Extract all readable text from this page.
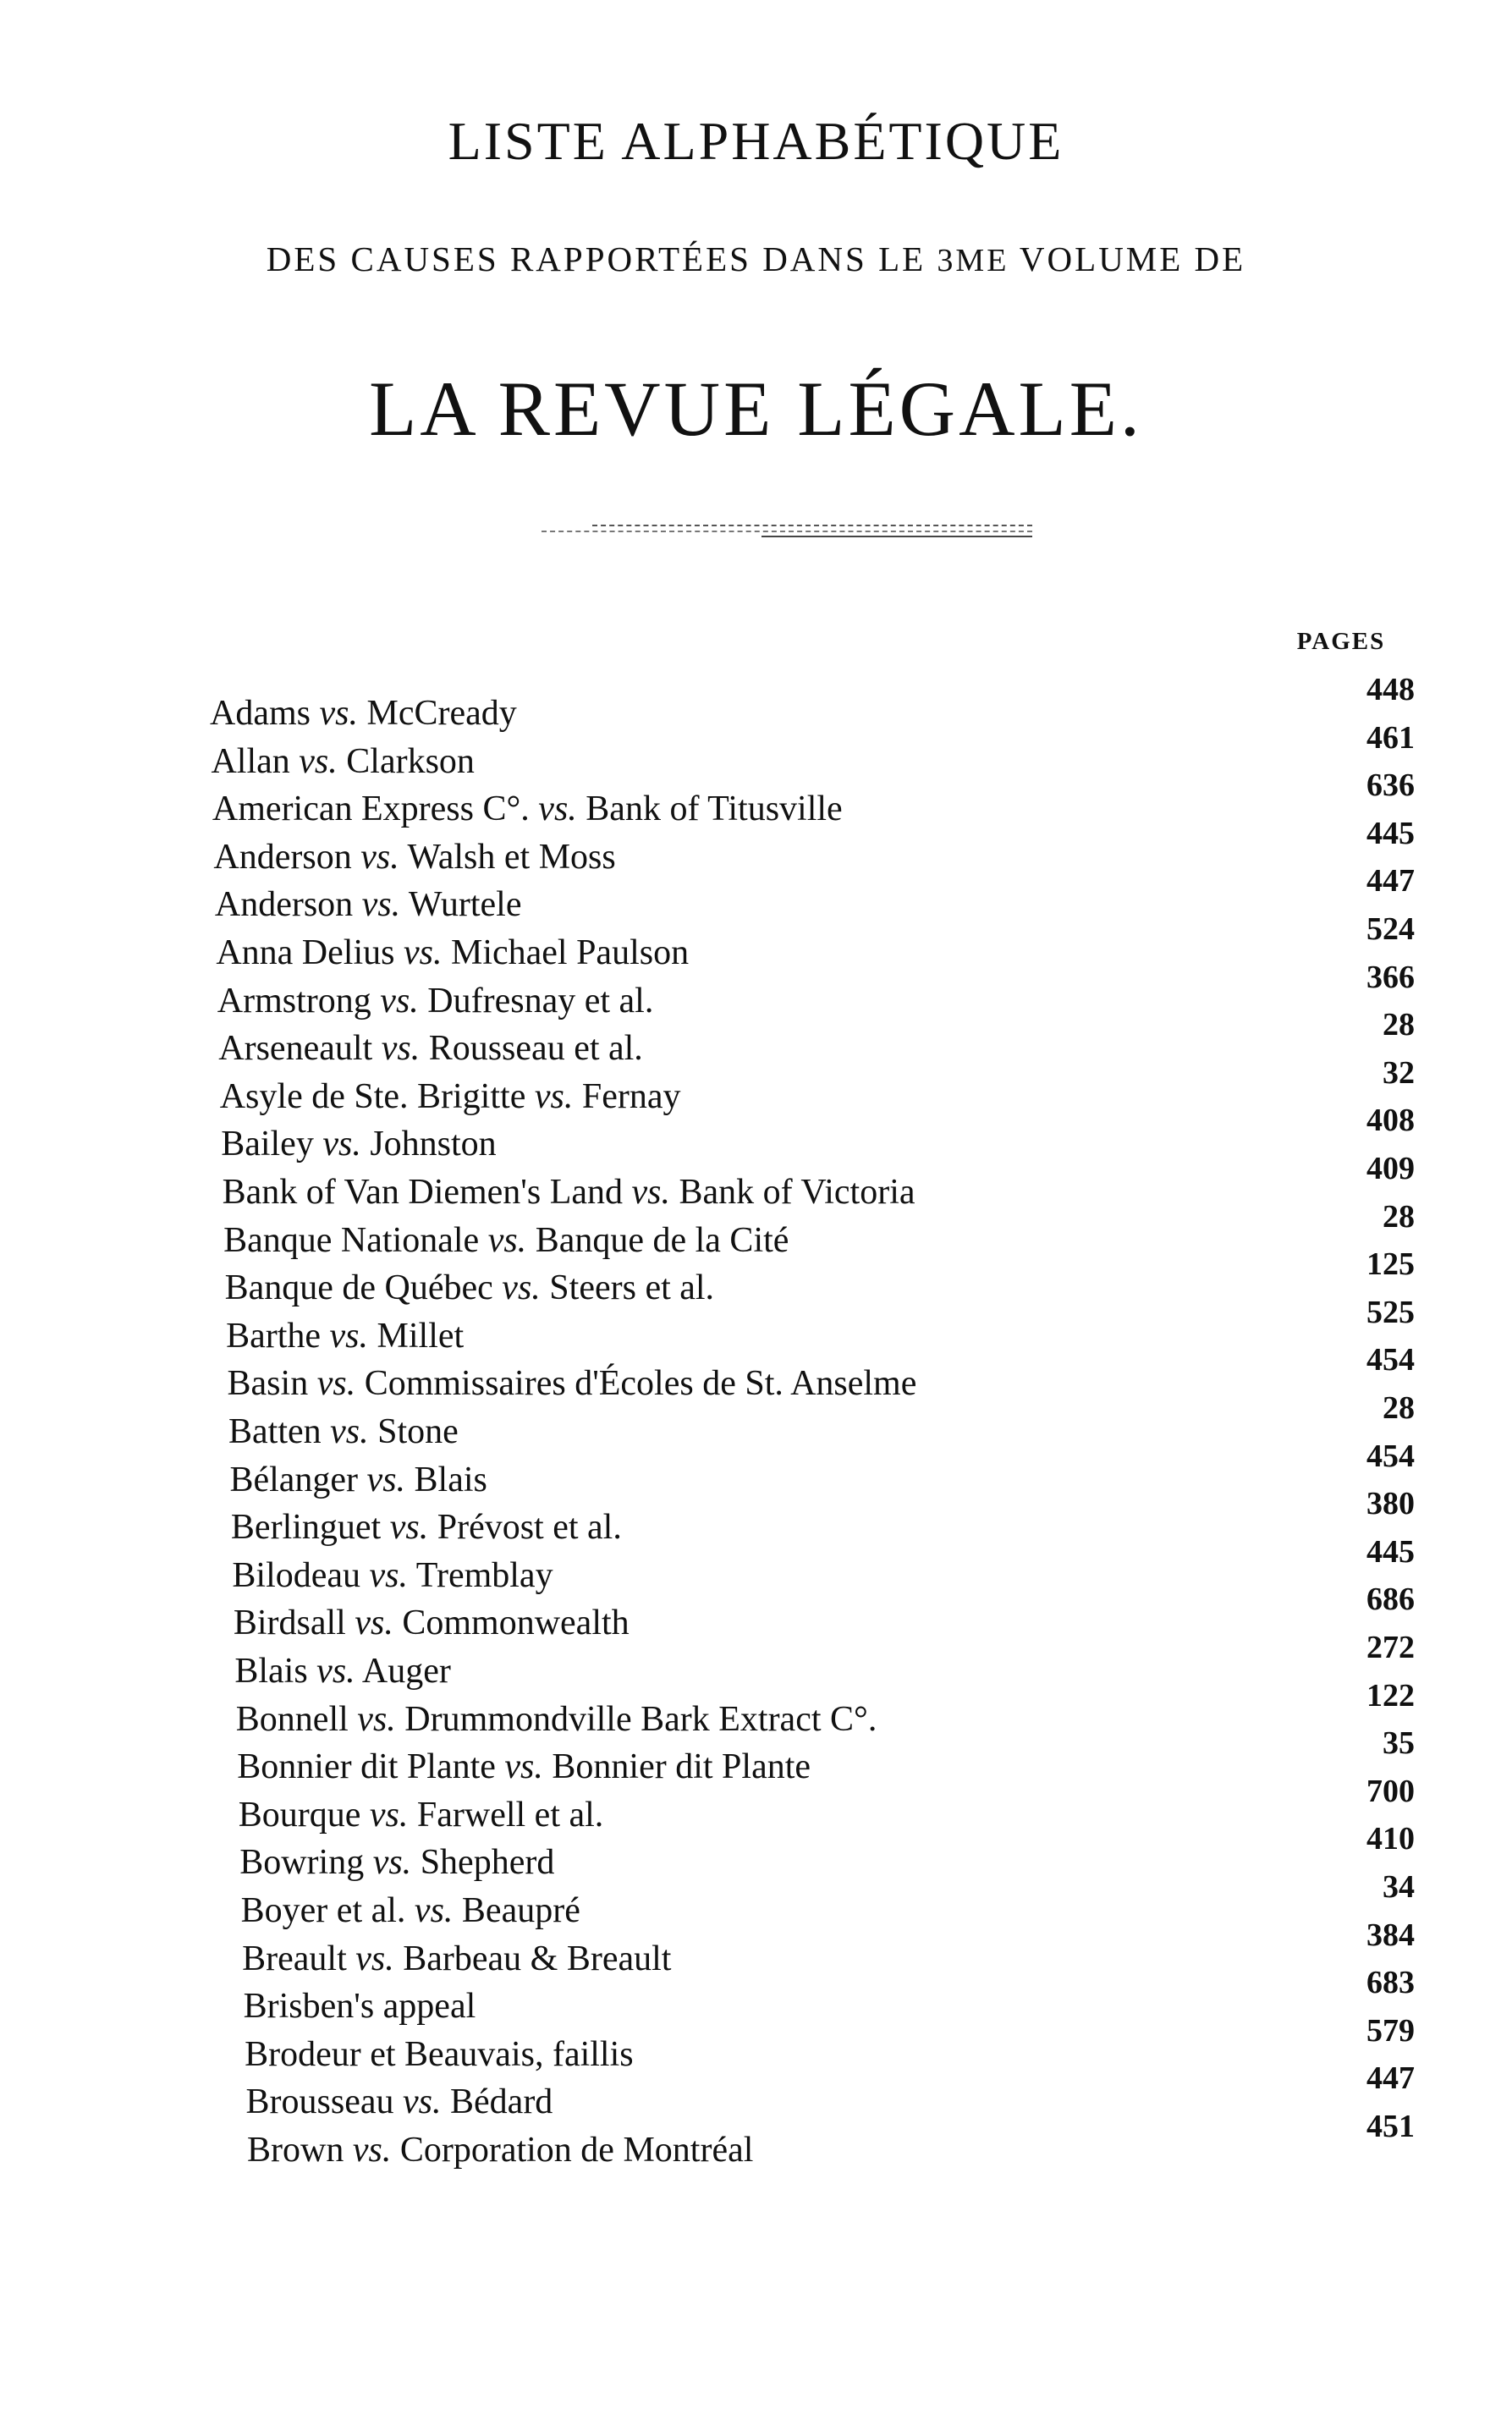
LISTE ALPHABÉTIQUE
DES CAUSES RAPPORTÉES DANS LE 3ME VOLUME DE
LA REVUE LÉGALE.
PAGES
Adams vs. McCready
448
Allan vs. Clarkson
461
American Express C°. vs. Bank of Titusville
636
Anderson vs. Walsh et Moss
445
Anderson vs. Wurtele
447
Anna Delius vs. Michael Paulson
524
Armstrong vs. Dufresnay et al.
366
Arseneault vs. Rousseau et al.
28
Asyle de Ste. Brigitte vs. Fernay
32
Bailey vs. Johnston
408
Bank of Van Diemen's Land vs. Bank of Victoria
409
Banque Nationale vs. Banque de la Cité
28
Banque de Québec vs. Steers et al.
125
Barthe vs. Millet
525
Basin vs. Commissaires d'Écoles de St. Anselme
454
Batten vs. Stone
28
Bélanger vs. Blais
454
Berlinguet vs. Prévost et al.
380
Bilodeau vs. Tremblay
445
Birdsall vs. Commonwealth
686
Blais vs. Auger
272
Bonnell vs. Drummondville Bark Extract C°.
122
Bonnier dit Plante vs. Bonnier dit Plante
35
Bourque vs. Farwell et al.
700
Bowring vs. Shepherd
410
Boyer et al. vs. Beaupré
34
Breault vs. Barbeau & Breault
384
Brisben's appeal
683
Brodeur et Beauvais, faillis
579
Brousseau vs. Bédard
447
Brown vs. Corporation de Montréal
451
